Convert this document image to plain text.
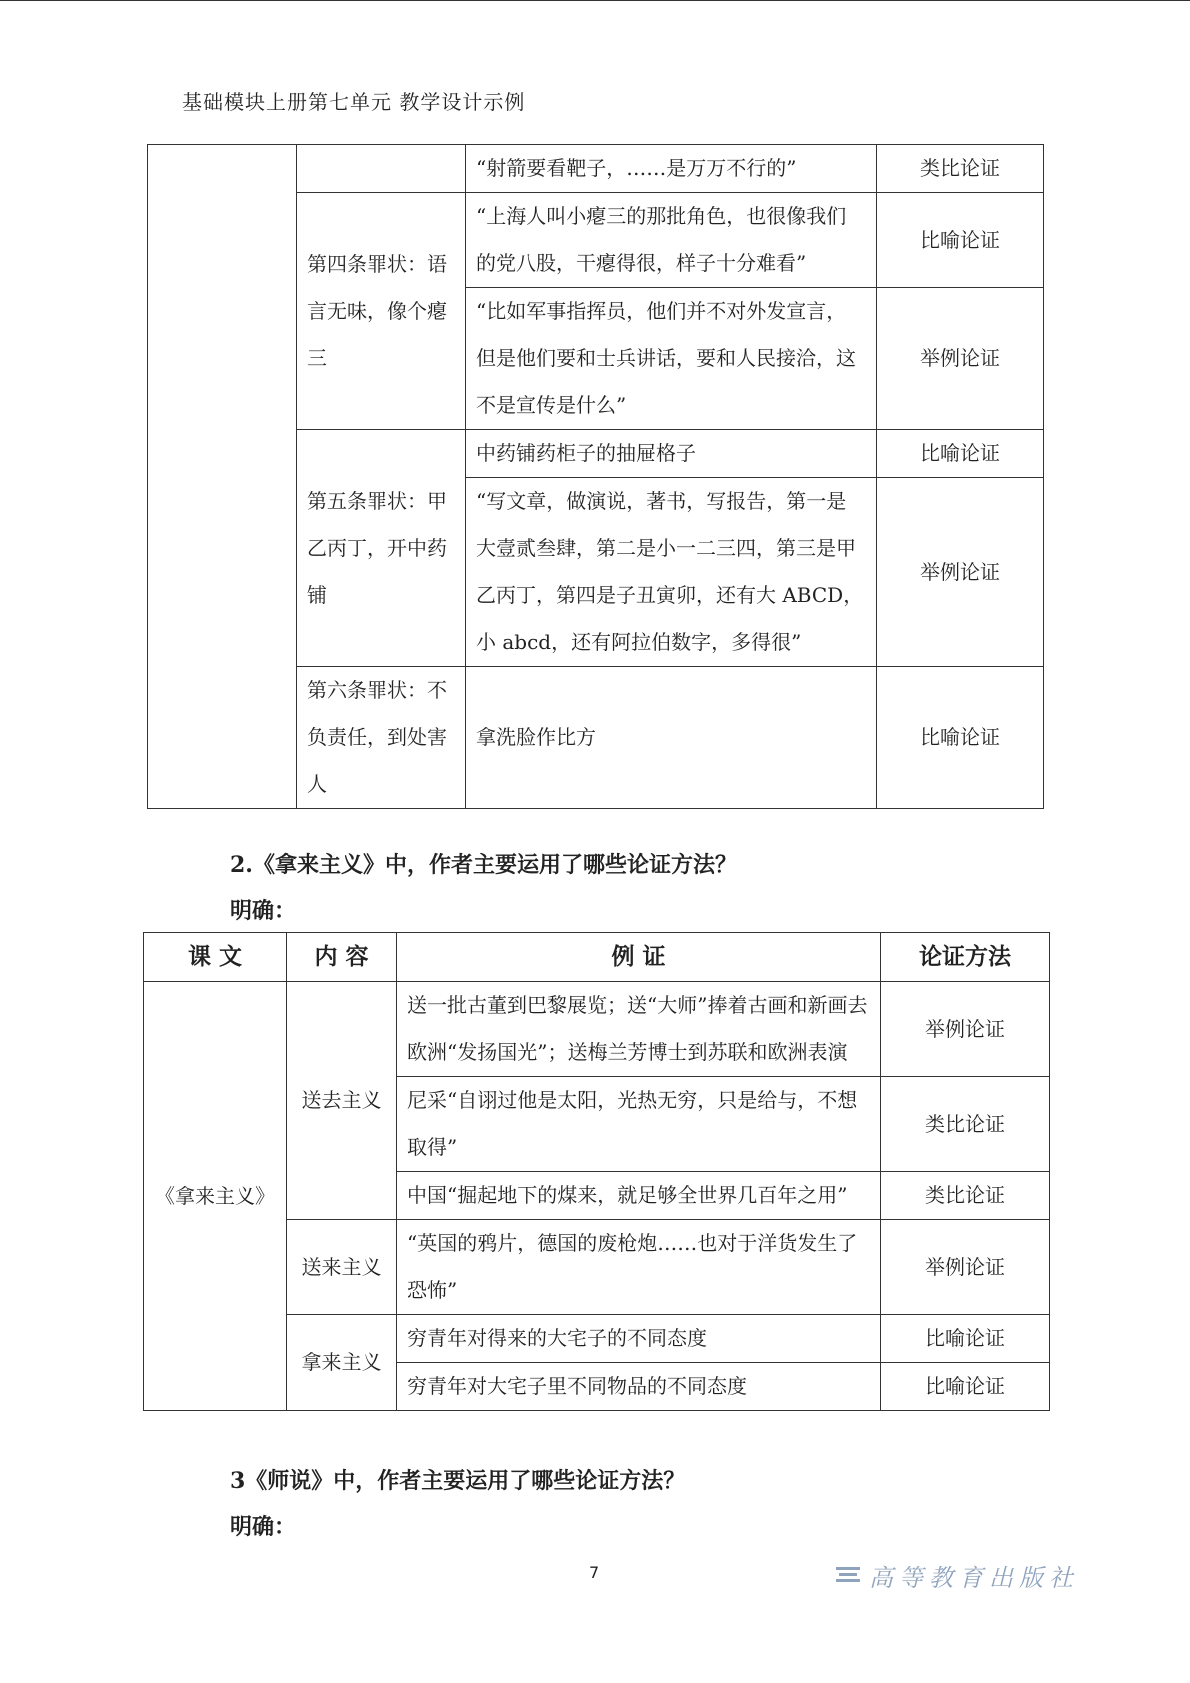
基础模块上册第七单元 教学设计示例
		“射箭要看靶子，……是万万不行的”	类比论证
	第四条罪状：语言无味，像个瘪三	“上海人叫小瘪三的那批角色，也很像我们的党八股，干瘪得很，样子十分难看”	比喻论证
		“比如军事指挥员，他们并不对外发宣言，但是他们要和士兵讲话，要和人民接洽，这不是宣传是什么”	举例论证
	第五条罪状：甲乙丙丁，开中药铺	中药铺药柜子的抽屉格子	比喻论证
		“写文章，做演说，著书，写报告，第一是大壹贰叁肆，第二是小一二三四，第三是甲乙丙丁，第四是子丑寅卯，还有大 ABCD，小 abcd，还有阿拉伯数字，多得很”	举例论证
	第六条罪状：不负责任，到处害人	拿洗脸作比方	比喻论证
2.《拿来主义》中，作者主要运用了哪些论证方法？
明确：
课 文	内 容	例 证	论证方法
《拿来主义》	送去主义	送一批古董到巴黎展览；送“大师”捧着古画和新画去欧洲“发扬国光”；送梅兰芳博士到苏联和欧洲表演	举例论证
		尼采“自诩过他是太阳，光热无穷，只是给与，不想取得”	类比论证
		中国“掘起地下的煤来，就足够全世界几百年之用”	类比论证
	送来主义	“英国的鸦片，德国的废枪炮……也对于洋货发生了恐怖”	举例论证
	拿来主义	穷青年对得来的大宅子的不同态度	比喻论证
		穷青年对大宅子里不同物品的不同态度	比喻论证
3《师说》中，作者主要运用了哪些论证方法？
明确：
7	高等教育出版社
